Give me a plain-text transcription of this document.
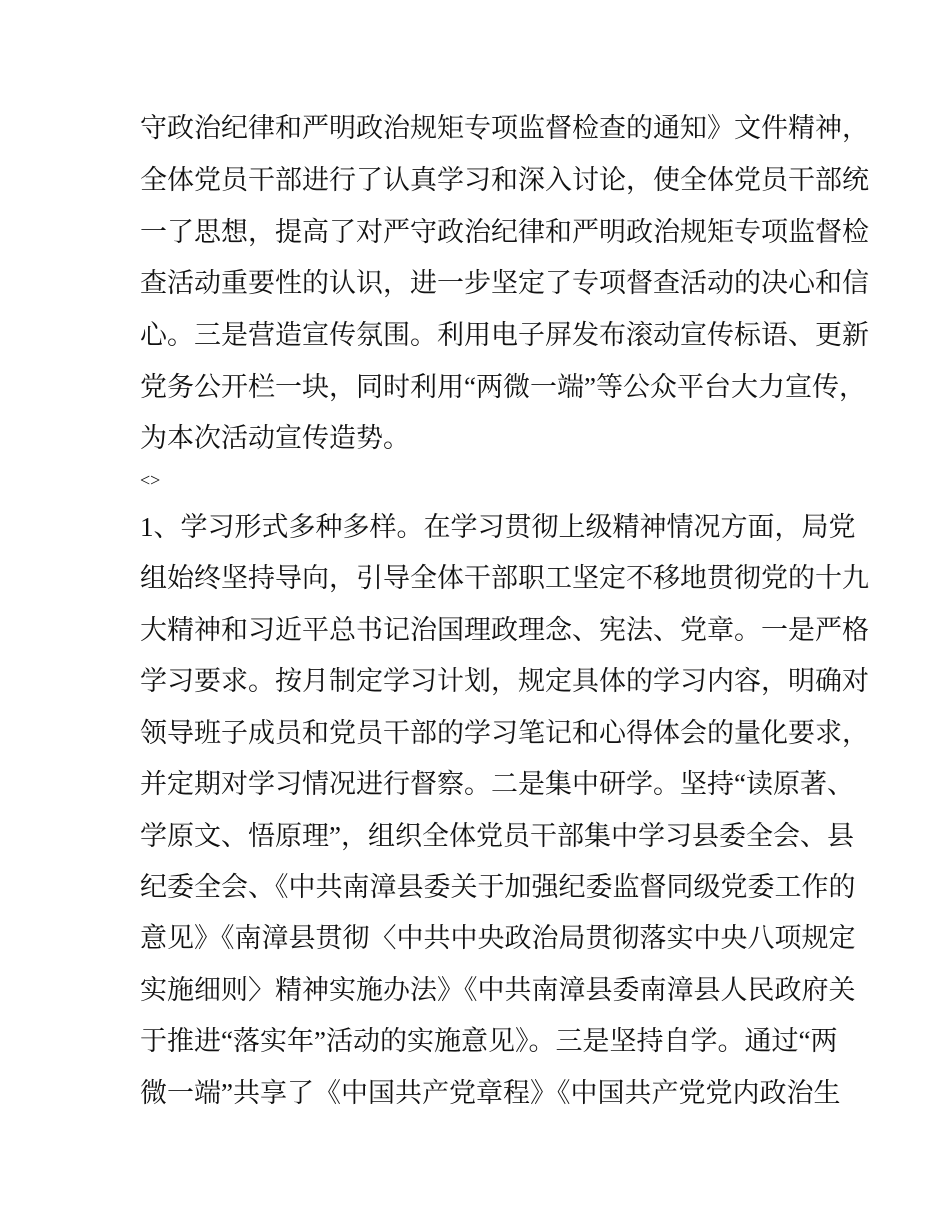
守政治纪律和严明政治规矩专项监督检查的通知》文件精神，
全体党员干部进行了认真学习和深入讨论，使全体党员干部统
一了思想，提高了对严守政治纪律和严明政治规矩专项监督检
查活动重要性的认识，进一步坚定了专项督查活动的决心和信
心。三是营造宣传氛围。利用电子屏发布滚动宣传标语、更新
党务公开栏一块，同时利用“两微一端”等公众平台大力宣传，
为本次活动宣传造势。
<>
1、学习形式多种多样。在学习贯彻上级精神情况方面，局党
组始终坚持导向，引导全体干部职工坚定不移地贯彻党的十九
大精神和习近平总书记治国理政理念、宪法、党章。一是严格
学习要求。按月制定学习计划，规定具体的学习内容，明确对
领导班子成员和党员干部的学习笔记和心得体会的量化要求，
并定期对学习情况进行督察。二是集中研学。坚持“读原著、
学原文、悟原理”，组织全体党员干部集中学习县委全会、县
纪委全会、《中共南漳县委关于加强纪委监督同级党委工作的
意见》《南漳县贯彻〈中共中央政治局贯彻落实中央八项规定
实施细则〉精神实施办法》《中共南漳县委南漳县人民政府关
于推进“落实年”活动的实施意见》。三是坚持自学。通过“两
微一端”共享了《中国共产党章程》《中国共产党党内政治生
